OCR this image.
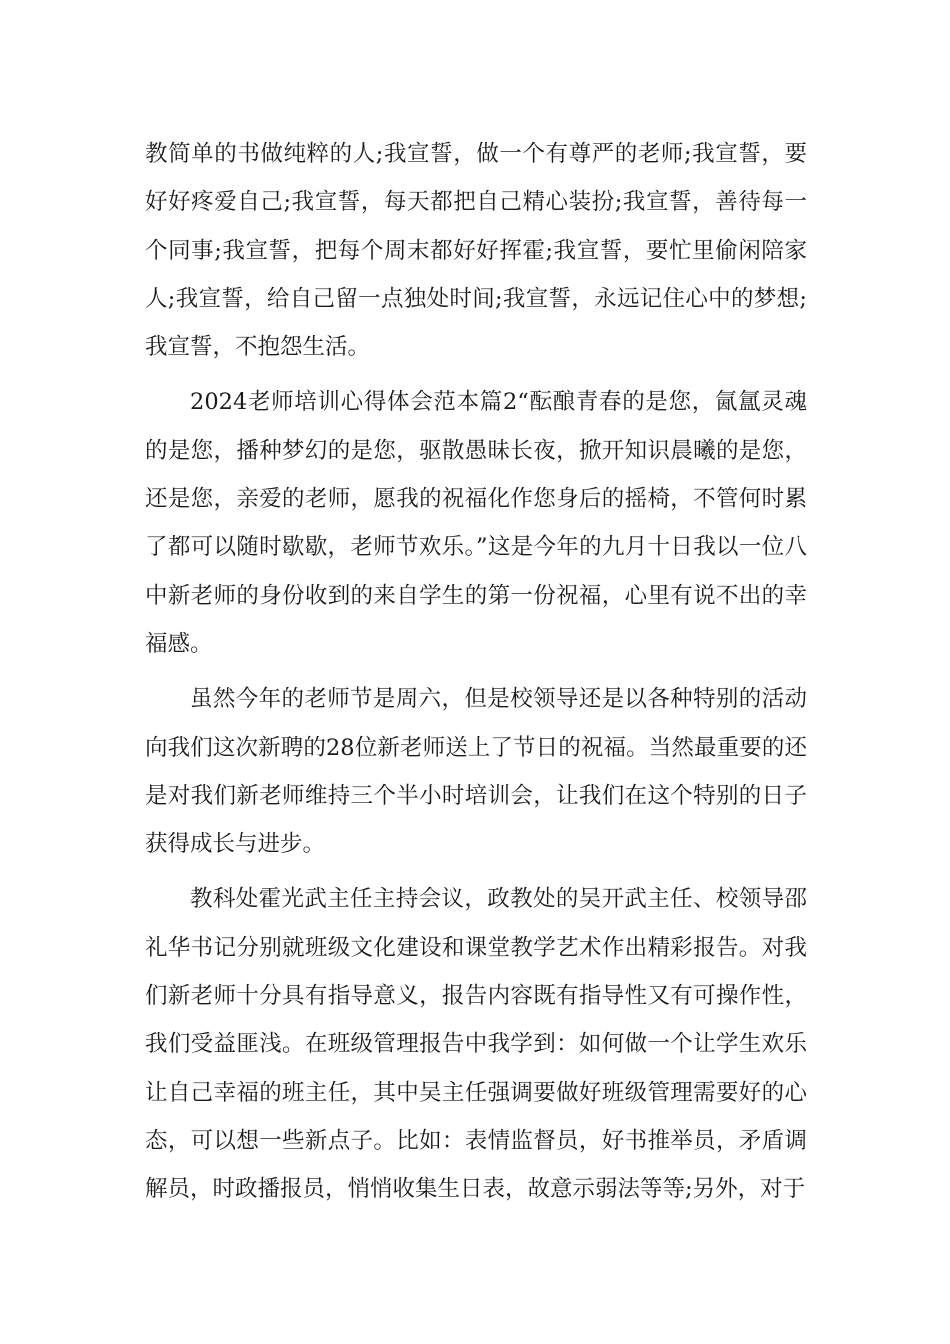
教简单的书做纯粹的人;我宣誓，做一个有尊严的老师;我宣誓，要好好疼爱自己;我宣誓，每天都把自己精心装扮;我宣誓，善待每一个同事;我宣誓，把每个周末都好好挥霍;我宣誓，要忙里偷闲陪家人;我宣誓，给自己留一点独处时间;我宣誓，永远记住心中的梦想;我宣誓，不抱怨生活。

2024老师培训心得体会范本篇2“酝酿青春的是您，氤氲灵魂的是您，播种梦幻的是您，驱散愚昧长夜，掀开知识晨曦的是您，还是您，亲爱的老师，愿我的祝福化作您身后的摇椅，不管何时累了都可以随时歇歇，老师节欢乐。”这是今年的九月十日我以一位八中新老师的身份收到的来自学生的第一份祝福，心里有说不出的幸福感。

虽然今年的老师节是周六，但是校领导还是以各种特别的活动向我们这次新聘的28位新老师送上了节日的祝福。当然最重要的还是对我们新老师维持三个半小时培训会，让我们在这个特别的日子获得成长与进步。

教科处霍光武主任主持会议，政教处的吴开武主任、校领导邵礼华书记分别就班级文化建设和课堂教学艺术作出精彩报告。对我们新老师十分具有指导意义，报告内容既有指导性又有可操作性，我们受益匪浅。在班级管理报告中我学到：如何做一个让学生欢乐让自己幸福的班主任，其中吴主任强调要做好班级管理需要好的心态，可以想一些新点子。比如：表情监督员，好书推举员，矛盾调解员，时政播报员，悄悄收集生日表，故意示弱法等等;另外，对于
